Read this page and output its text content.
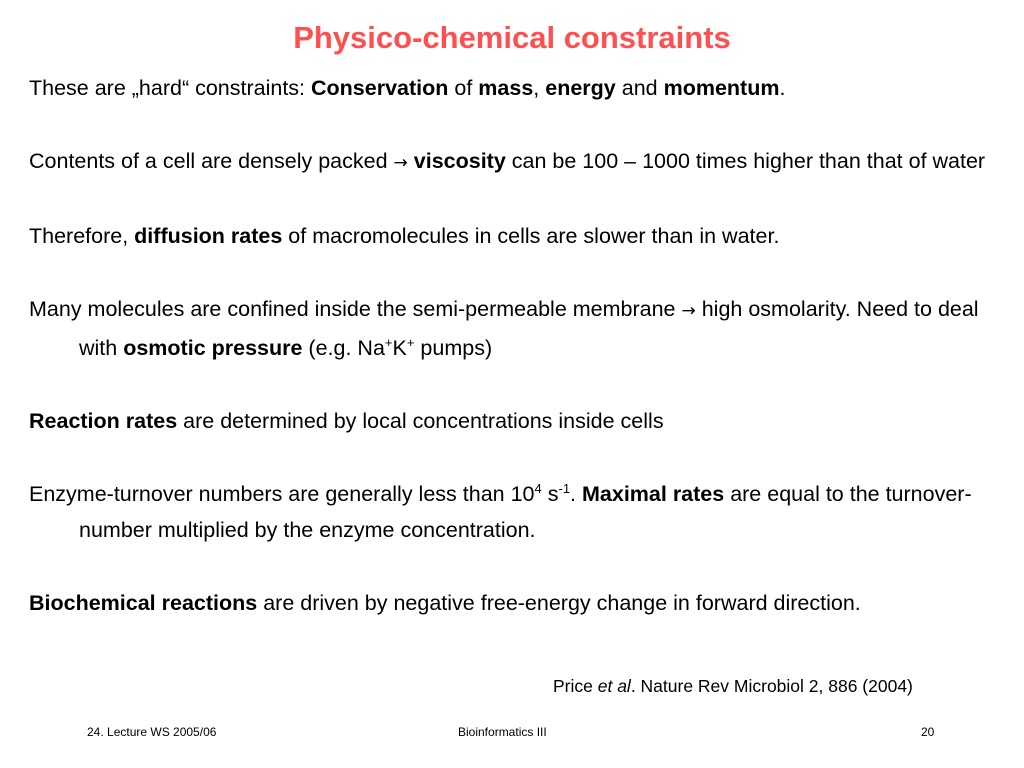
Physico-chemical constraints

These are „hard“ constraints: Conservation of mass, energy and momentum.

Contents of a cell are densely packed → viscosity can be 100 – 1000 times higher than that of water

Therefore, diffusion rates of macromolecules in cells are slower than in water.

Many molecules are confined inside the semi-permeable membrane → high osmolarity. Need to deal with osmotic pressure (e.g. Na+K+ pumps)

Reaction rates are determined by local concentrations inside cells

Enzyme-turnover numbers are generally less than $10^4$ $s^{-1}$. Maximal rates are equal to the turnover-number multiplied by the enzyme concentration.

Biochemical reactions are driven by negative free-energy change in forward direction.

Price et al. Nature Rev Microbiol 2, 886 (2004)
24. Lecture WS 2005/06	Bioinformatics III	20
